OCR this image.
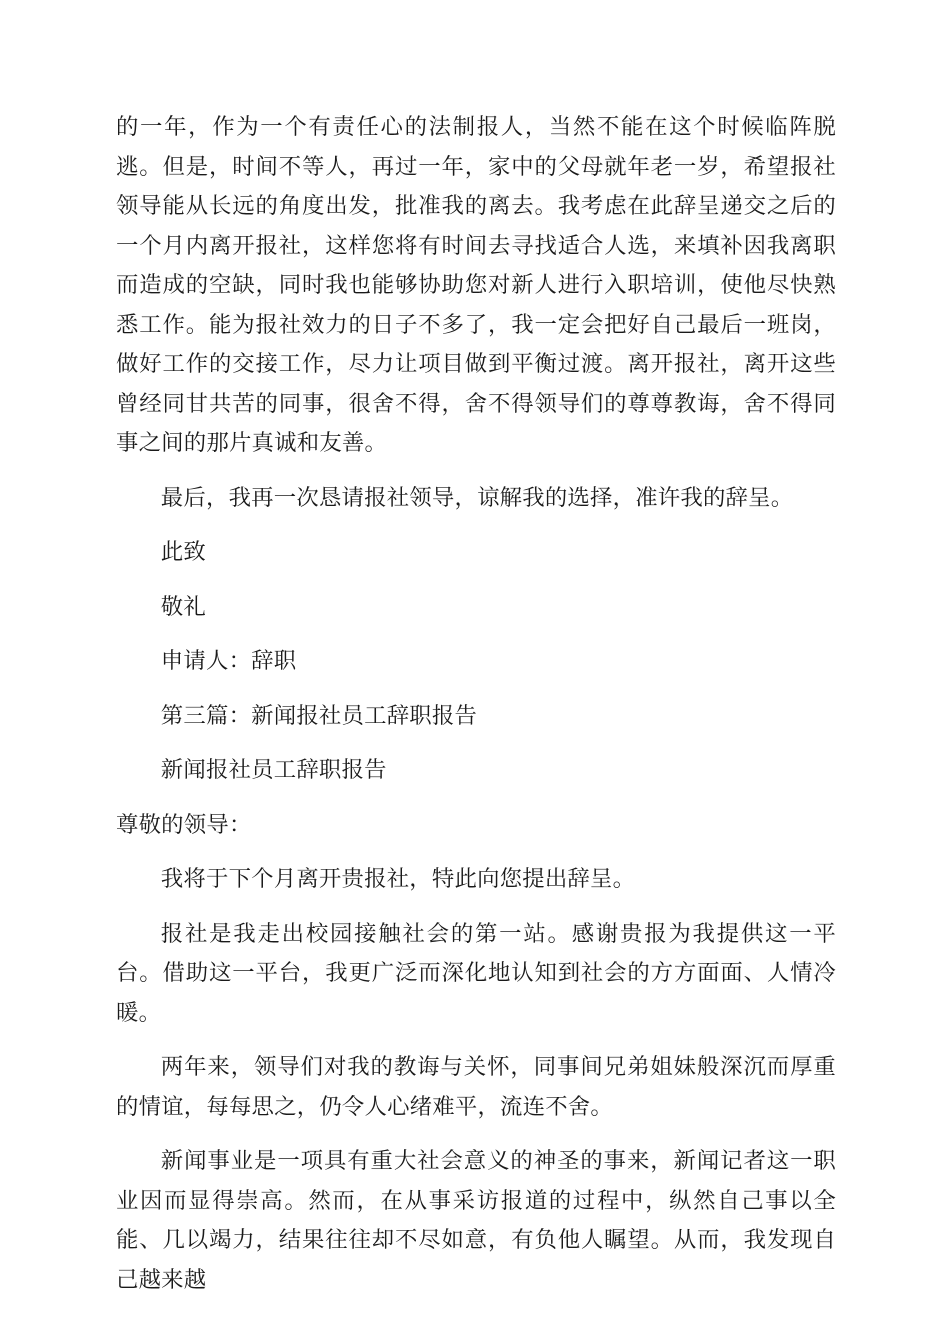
的一年，作为一个有责任心的法制报人，当然不能在这个时候临阵脱逃。但是，时间不等人，再过一年，家中的父母就年老一岁，希望报社领导能从长远的角度出发，批准我的离去。我考虑在此辞呈递交之后的一个月内离开报社，这样您将有时间去寻找适合人选，来填补因我离职而造成的空缺，同时我也能够协助您对新人进行入职培训，使他尽快熟悉工作。能为报社效力的日子不多了，我一定会把好自己最后一班岗，做好工作的交接工作，尽力让项目做到平衡过渡。离开报社，离开这些曾经同甘共苦的同事，很舍不得，舍不得领导们的尊尊教诲，舍不得同事之间的那片真诚和友善。

最后，我再一次恳请报社领导，谅解我的选择，准许我的辞呈。

此致

敬礼

申请人：辞职

第三篇：新闻报社员工辞职报告

新闻报社员工辞职报告

尊敬的领导：

我将于下个月离开贵报社，特此向您提出辞呈。

报社是我走出校园接触社会的第一站。感谢贵报为我提供这一平台。借助这一平台，我更广泛而深化地认知到社会的方方面面、人情冷暖。

两年来，领导们对我的教诲与关怀，同事间兄弟姐妹般深沉而厚重的情谊，每每思之，仍令人心绪难平，流连不舍。

新闻事业是一项具有重大社会意义的神圣的事来，新闻记者这一职业因而显得崇高。然而，在从事采访报道的过程中，纵然自己事以全能、几以竭力，结果往往却不尽如意，有负他人瞩望。从而，我发现自己越来越
